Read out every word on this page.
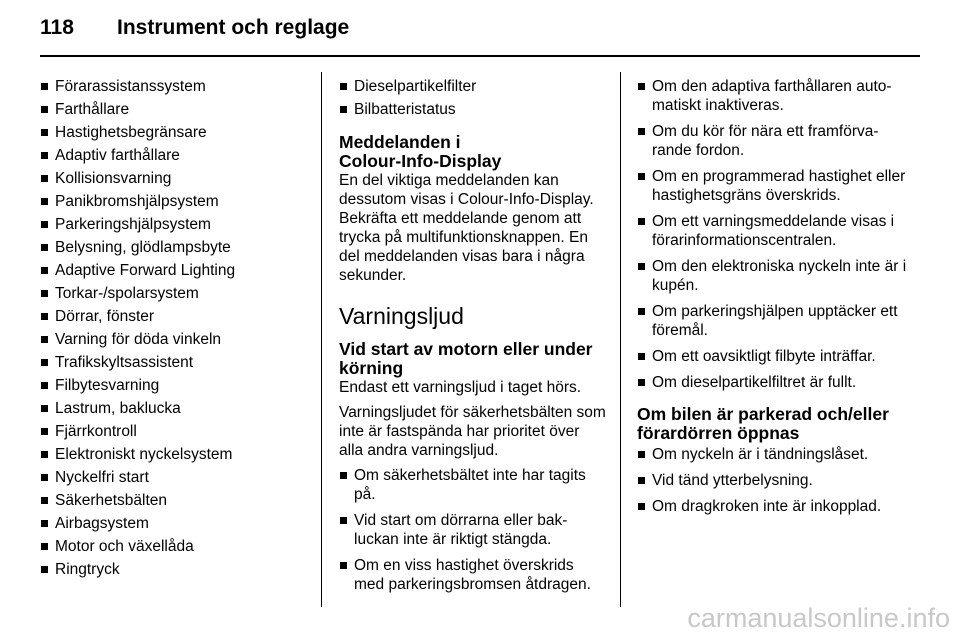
118 Instrument och reglage
Förarassistanssystem
Farthållare
Hastighetsbegränsare
Adaptiv farthållare
Kollisionsvarning
Panikbromshjälpsystem
Parkeringshjälpsystem
Belysning, glödlampsbyte
Adaptive Forward Lighting
Torkar-/spolarsystem
Dörrar, fönster
Varning för döda vinkeln
Trafikskyltsassistent
Filbytesvarning
Lastrum, baklucka
Fjärrkontroll
Elektroniskt nyckelsystem
Nyckelfri start
Säkerhetsbälten
Airbagsystem
Motor och växellåda
Ringtryck
Dieselpartikelfilter
Bilbatteristatus
Meddelanden i
Colour-Info-Display

En del viktiga meddelanden kan dessutom visas i Colour-Info-Display. Bekräfta ett meddelande genom att trycka på multifunktionsknappen. En del meddelanden visas bara i några sekunder.

Varningsljud
Vid start av motorn eller under
körning

Endast ett varningsljud i taget hörs.

Varningsljudet för säkerhetsbälten som inte är fastspända har prioritet över alla andra varningsljud.

Om säkerhetsbältet inte har tagits på.
Vid start om dörrarna eller bak-luckan inte är riktigt stängda.
Om en viss hastighet överskrids med parkeringsbromsen åtdragen.
Om den adaptiva farthållaren auto-matiskt inaktiveras.
Om du kör för nära ett framförva-rande fordon.
Om en programmerad hastighet eller hastighetsgräns överskrids.
Om ett varningsmeddelande visas i förarinformationscentralen.
Om den elektroniska nyckeln inte är i kupén.
Om parkeringshjälpen upptäcker ett föremål.
Om ett oavsiktligt filbyte inträffar.
Om dieselpartikelfiltret är fullt.
Om bilen är parkerad och/eller
förardörren öppnas
Om nyckeln är i tändningslåset.
Vid tänd ytterbelysning.
Om dragkroken inte är inkopplad.
carmanualsonline.info
